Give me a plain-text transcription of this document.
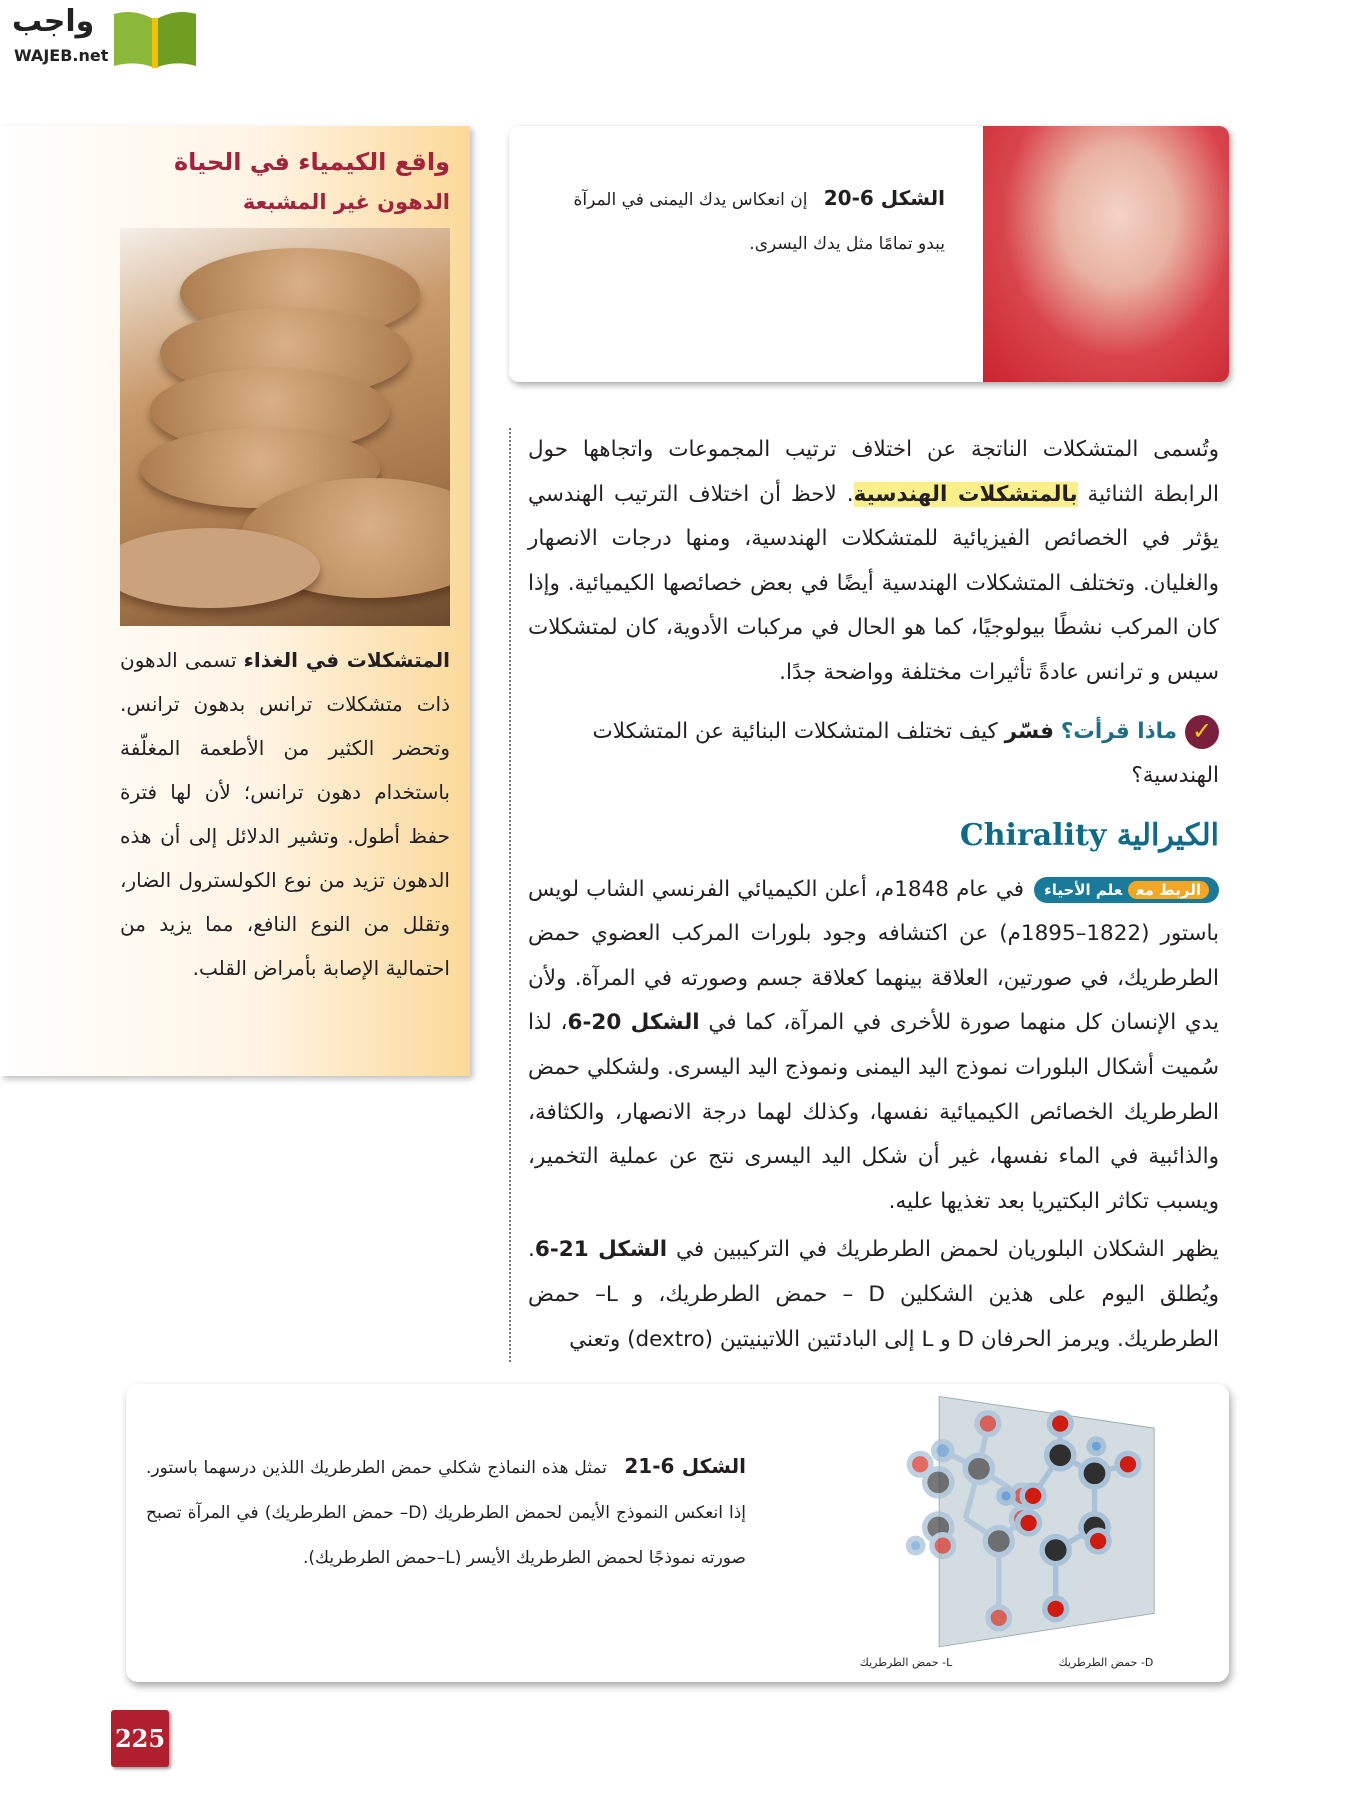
واجب
WAJEB.net
واقع الكيمياء في الحياة
الدهون غير المشبعة

المتشكلات في الغذاء تسمى الدهون ذات متشكلات ترانس بدهون ترانس. وتحضر الكثير من الأطعمة المغلّفة باستخدام دهون ترانس؛ لأن لها فترة حفظ أطول. وتشير الدلائل إلى أن هذه الدهون تزيد من نوع الكولسترول الضار، وتقلل من النوع النافع، مما يزيد من احتمالية الإصابة بأمراض القلب.

الشكل 6-20   إن انعكاس يدك اليمنى في المرآة يبدو تمامًا مثل يدك اليسرى.

وتُسمى المتشكلات الناتجة عن اختلاف ترتيب المجموعات واتجاهها حول الرابطة الثنائية بالمتشكلات الهندسية. لاحظ أن اختلاف الترتيب الهندسي يؤثر في الخصائص الفيزيائية للمتشكلات الهندسية، ومنها درجات الانصهار والغليان. وتختلف المتشكلات الهندسية أيضًا في بعض خصائصها الكيميائية. وإذا كان المركب نشطًا بيولوجيًا، كما هو الحال في مركبات الأدوية، كان لمتشكلات سيس و ترانس عادةً تأثيرات مختلفة وواضحة جدًا.

✓ماذا قرأت؟ فسّر كيف تختلف المتشكلات البنائية عن المتشكلات الهندسية؟

الكيرالية Chirality

الربط مععلم الأحياءفي عام 1848م، أعلن الكيميائي الفرنسي الشاب لويس باستور (1822–1895م) عن اكتشافه وجود بلورات المركب العضوي حمض الطرطريك، في صورتين، العلاقة بينهما كعلاقة جسم وصورته في المرآة. ولأن يدي الإنسان كل منهما صورة للأخرى في المرآة، كما في الشكل 20-6، لذا سُميت أشكال البلورات نموذج اليد اليمنى ونموذج اليد اليسرى. ولشكلي حمض الطرطريك الخصائص الكيميائية نفسها، وكذلك لهما درجة الانصهار، والكثافة، والذائبية في الماء نفسها، غير أن شكل اليد اليسرى نتج عن عملية التخمير، ويسبب تكاثر البكتيريا بعد تغذيها عليه.

يظهر الشكلان البلوريان لحمض الطرطريك في التركيبين في الشكل 21-6. ويُطلق اليوم على هذين الشكلين D – حمض الطرطريك، و L– حمض الطرطريك. ويرمز الحرفان D و L إلى البادئتين اللاتينيتين (dextro) وتعني

الشكل 6-21   تمثل هذه النماذج شكلي حمض الطرطريك اللذين درسهما باستور. إذا انعكس النموذج الأيمن لحمض الطرطريك (D– حمض الطرطريك) في المرآة تصبح صورته نموذجًا لحمض الطرطريك الأيسر (L–حمض الطرطريك).

L- حمض الطرطريك	D- حمض الطرطريك
225
